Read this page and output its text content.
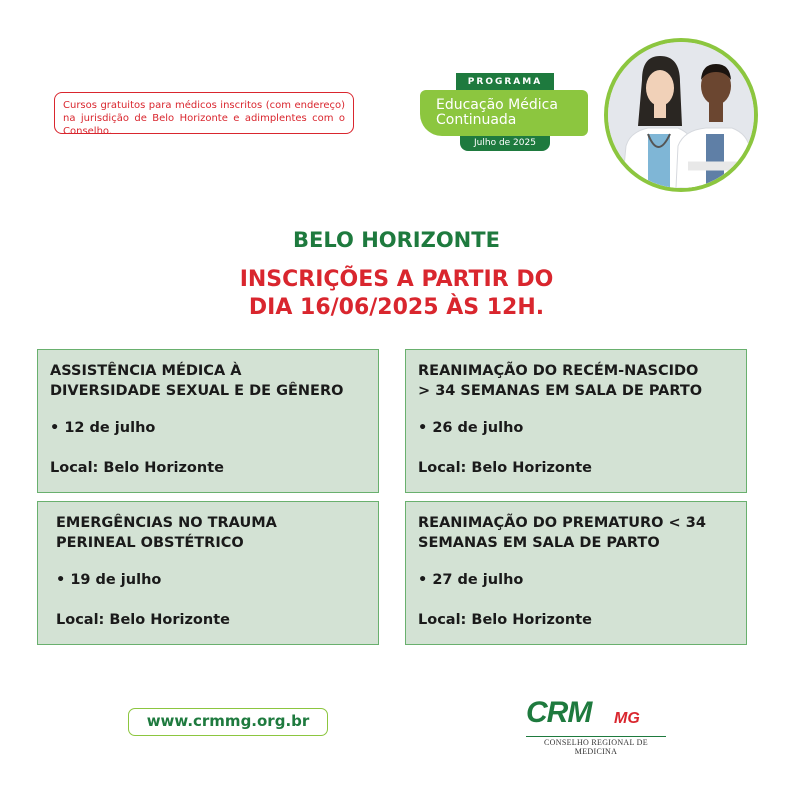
Cursos gratuitos para médicos inscritos (com endereço) na jurisdição de Belo Horizonte e adimplentes com o Conselho.
PROGRAMA
Educação Médica Continuada
Julho de 2025
BELO HORIZONTE
INSCRIÇÕES A PARTIR DO
DIA 16/06/2025 ÀS 12H.
ASSISTÊNCIA MÉDICA À
DIVERSIDADE SEXUAL E DE GÊNERO
• 12 de julho
Local: Belo Horizonte
REANIMAÇÃO DO RECÉM-NASCIDO
> 34 SEMANAS EM SALA DE PARTO
• 26 de julho
Local: Belo Horizonte
EMERGÊNCIAS NO TRAUMA
PERINEAL OBSTÉTRICO
• 19 de julho
Local: Belo Horizonte
REANIMAÇÃO DO PREMATURO < 34
SEMANAS EM SALA DE PARTO
• 27 de julho
Local: Belo Horizonte
www.crmmg.org.br	CRM MG
CONSELHO REGIONAL DE MEDICINA
